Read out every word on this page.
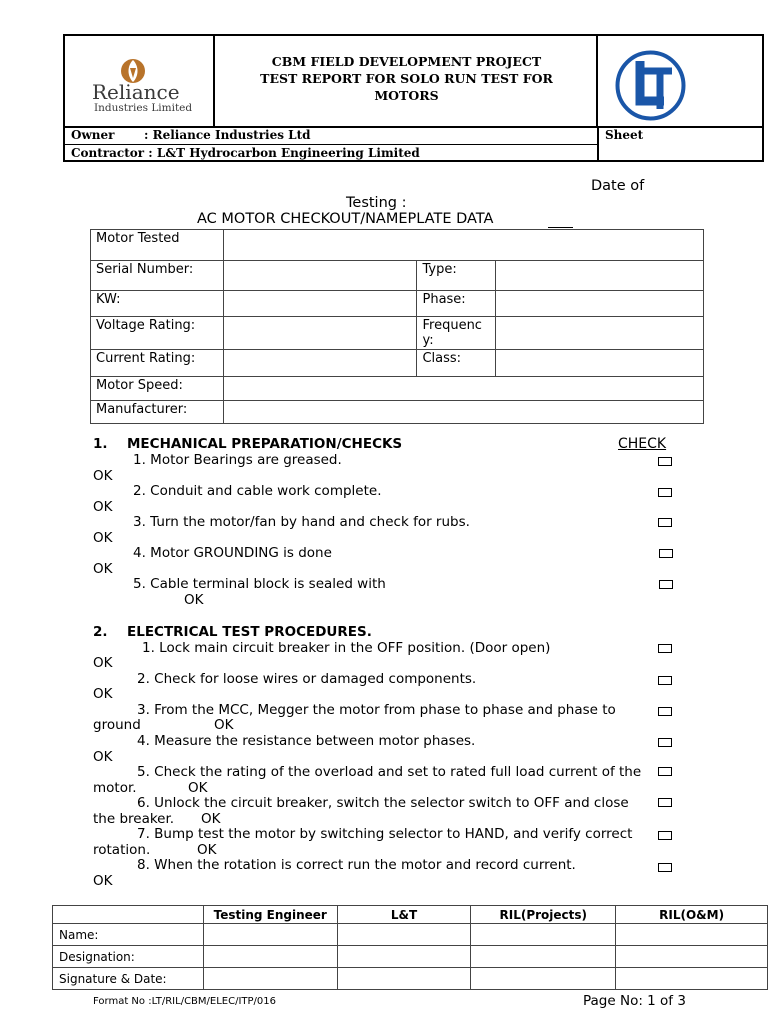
Reliance
Industries Limited
CBM FIELD DEVELOPMENT PROJECT
TEST REPORT FOR SOLO RUN TEST FOR
MOTORS
Owner : Reliance Industries Ltd
Contractor : L&T Hydrocarbon Engineering Limited
Sheet
Date of
Testing :
AC MOTOR CHECKOUT/NAMEPLATE DATA
Motor Tested			
Serial Number:		Type:	
KW:		Phase:	
Voltage Rating:		Frequenc
y:	
Current Rating:		Class:	
Motor Speed:			
Manufacturer:			
1. MECHANICAL PREPARATION/CHECKS	CHECK
1. Motor Bearings are greased.
OK
2. Conduit and cable work complete.
OK
3. Turn the motor/fan by hand and check for rubs.
OK
4. Motor GROUNDING is done
OK
5. Cable terminal block is sealed with
OK
2. ELECTRICAL TEST PROCEDURES.
1. Lock main circuit breaker in the OFF position. (Door open)
OK
2. Check for loose wires or damaged components.
OK
3. From the MCC, Megger the motor from phase to phase and phase to
ground	OK
4. Measure the resistance between motor phases.
OK
5. Check the rating of the overload and set to rated full load current of the
motor.	OK
6. Unlock the circuit breaker, switch the selector switch to OFF and close
the breaker. OK
7. Bump test the motor by switching selector to HAND, and verify correct
rotation.	OK
8. When the rotation is correct run the motor and record current.
OK
	Testing Engineer	L&T	RIL(Projects)	RIL(O&M)
Name:				
Designation:				
Signature & Date:				
Format No :LT/RIL/CBM/ELEC/ITP/016	Page No: 1 of 3
